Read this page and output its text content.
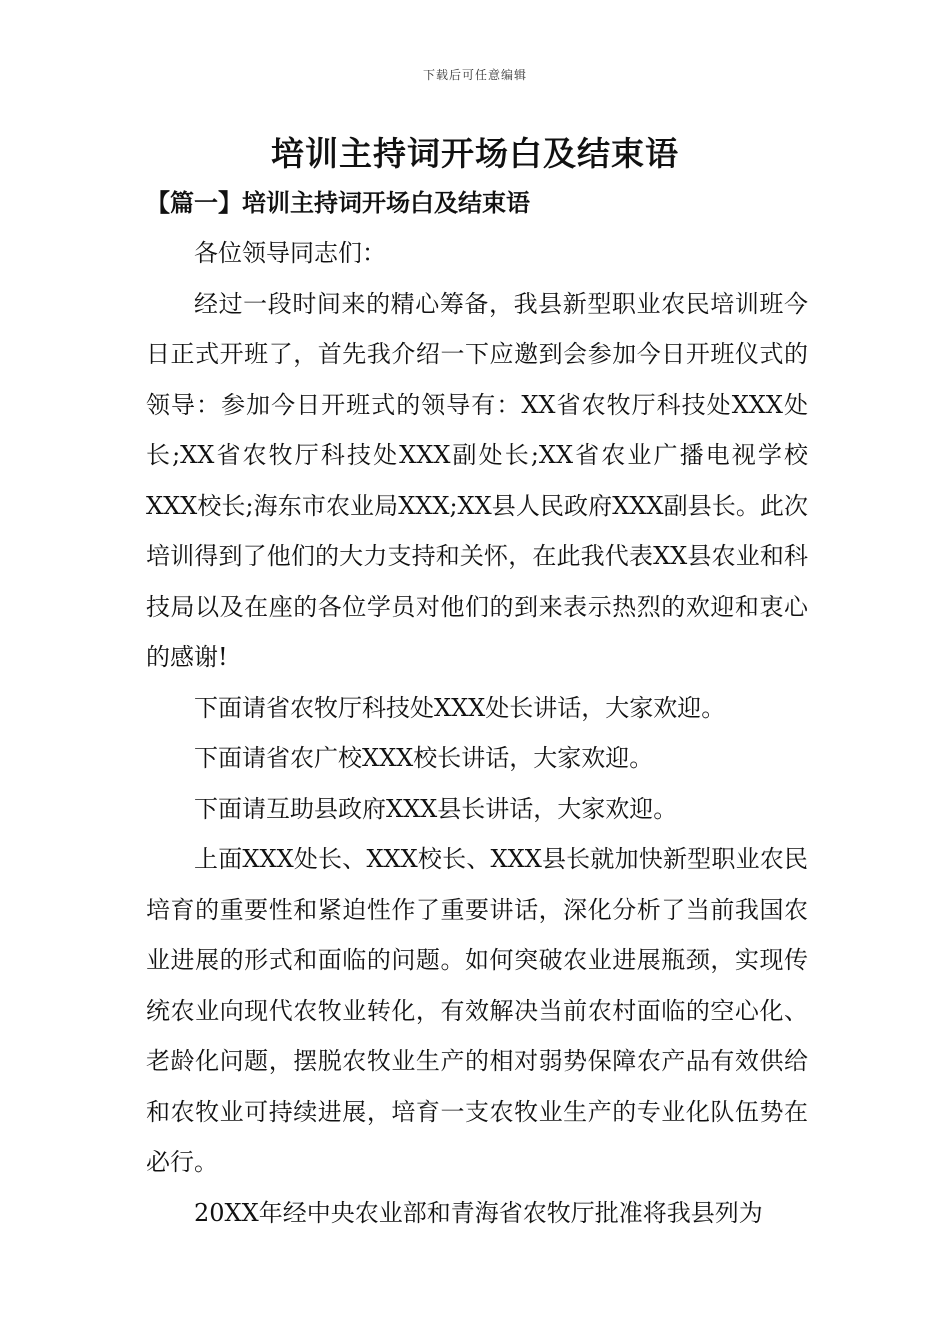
下载后可任意编辑
培训主持词开场白及结束语
【篇一】培训主持词开场白及结束语

各位领导同志们：

经过一段时间来的精心筹备，我县新型职业农民培训班今日正式开班了，首先我介绍一下应邀到会参加今日开班仪式的领导：参加今日开班式的领导有：XX省农牧厅科技处XXX处长;XX省农牧厅科技处XXX副处长;XX省农业广播电视学校XXX校长;海东市农业局XXX;XX县人民政府XXX副县长。此次培训得到了他们的大力支持和关怀，在此我代表XX县农业和科技局以及在座的各位学员对他们的到来表示热烈的欢迎和衷心的感谢!

下面请省农牧厅科技处XXX处长讲话，大家欢迎。

下面请省农广校XXX校长讲话，大家欢迎。

下面请互助县政府XXX县长讲话，大家欢迎。

上面XXX处长、XXX校长、XXX县长就加快新型职业农民培育的重要性和紧迫性作了重要讲话，深化分析了当前我国农业进展的形式和面临的问题。如何突破农业进展瓶颈，实现传统农业向现代农牧业转化，有效解决当前农村面临的空心化、老龄化问题，摆脱农牧业生产的相对弱势保障农产品有效供给和农牧业可持续进展，培育一支农牧业生产的专业化队伍势在必行。

20XX年经中央农业部和青海省农牧厅批准将我县列为
